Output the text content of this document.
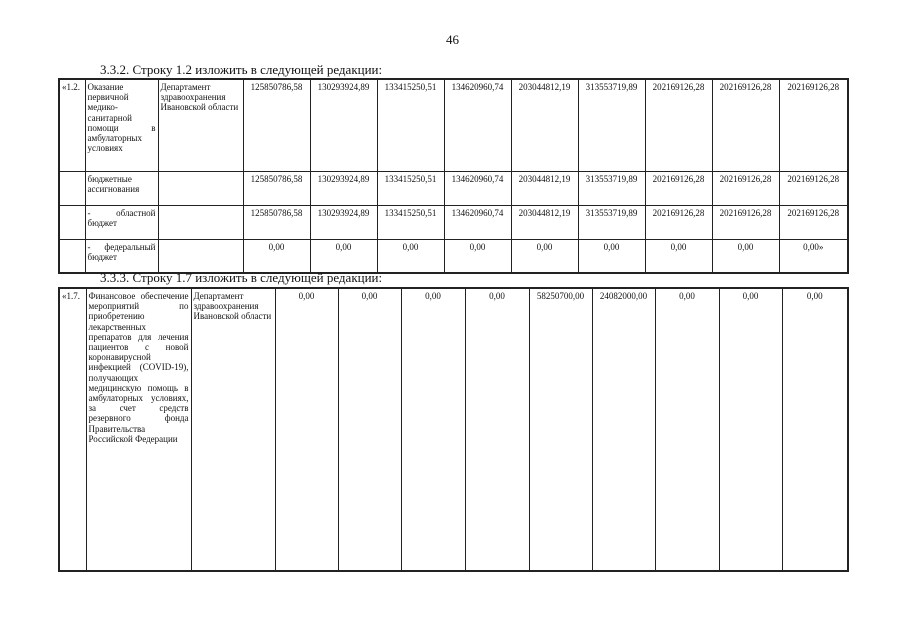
46
3.3.2. Строку 1.2 изложить в следующей редакции:
«1.2.	Оказание первичной медико-санитарной помощи в амбулаторных условиях	Департамент здравоохранения Ивановской области	125850786,58	130293924,89	133415250,51	134620960,74	203044812,19	313553719,89	202169126,28	202169126,28	202169126,28
	бюджетные ассигнования		125850786,58	130293924,89	133415250,51	134620960,74	203044812,19	313553719,89	202169126,28	202169126,28	202169126,28
	- областной бюджет		125850786,58	130293924,89	133415250,51	134620960,74	203044812,19	313553719,89	202169126,28	202169126,28	202169126,28
	- федеральный бюджет		0,00	0,00	0,00	0,00	0,00	0,00	0,00	0,00	0,00»
3.3.3. Строку 1.7 изложить в следующей редакции:
«1.7.	Финансовое обеспечение мероприятий по приобретению лекарственных препаратов для лечения пациентов с новой коронавирусной инфекцией (COVID-19), получающих медицинскую помощь в амбулаторных условиях, за счет средств резервного фонда Правительства Российской Федерации	Департамент здравоохранения Ивановской области	0,00	0,00	0,00	0,00	58250700,00	24082000,00	0,00	0,00	0,00
